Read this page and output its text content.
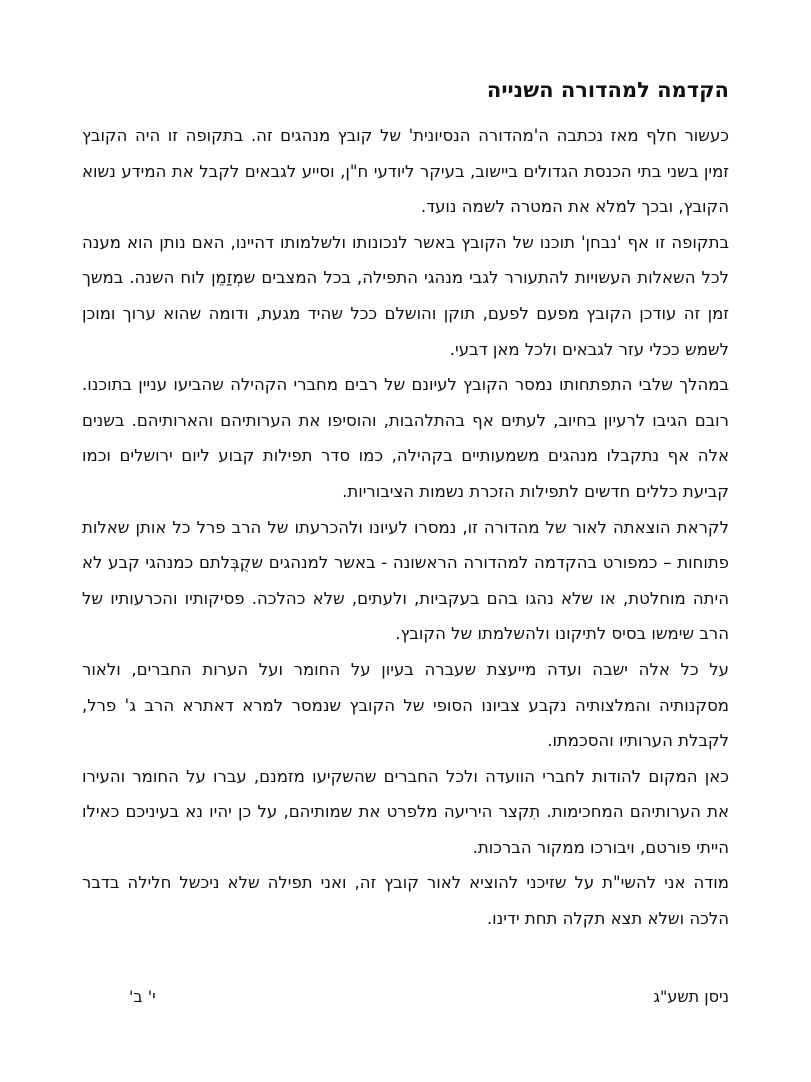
הקדמה למהדורה השנייה

כעשור חלף מאז נכתבה ה'מהדורה הנסיונית' של קובץ מנהגים זה. בתקופה זו היה הקובץ זמין בשני בתי הכנסת הגדולים ביישוב, בעיקר ליודעי ח"ן, וסייע לגבאים לקבל את המידע נשוא הקובץ, ובכך למלא את המטרה לשמה נועד.

בתקופה זו אף 'נבחן' תוכנו של הקובץ באשר לנכונותו ולשלמותו דהיינו, האם נותן הוא מענה לכל השאלות העשויות להתעורר לגבי מנהגי התפילה, בכל המצבים שמְזַמֵן לוח השנה. במשך זמן זה עודכן הקובץ מפעם לפעם, תוקן והושלם ככל שהיד מגעת, ודומה שהוא ערוך ומוכן לשמש ככלי עזר לגבאים ולכל מאן דבעי.

במהלך שלבי התפתחותו נמסר הקובץ לעיונם של רבים מחברי הקהילה שהביעו עניין בתוכנו. רובם הגיבו לרעיון בחיוב, לעתים אף בהתלהבות, והוסיפו את הערותיהם והארותיהם. בשנים אלה אף נתקבלו מנהגים משמעותיים בקהילה, כמו סדר תפילות קבוע ליום ירושלים וכמו קביעת כללים חדשים לתפילות הזכרת נשמות הציבוריות.

לקראת הוצאתה לאור של מהדורה זו, נמסרו לעיונו ולהכרעתו של הרב פרל כל אותן שאלות פתוחות – כמפורט בהקדמה למהדורה הראשונה - באשר למנהגים שקֻבְּלתם כמנהגי קבע לא היתה מוחלטת, או שלא נהגו בהם בעקביות, ולעתים, שלא כהלכה. פסיקותיו והכרעותיו של הרב שימשו בסיס לתיקונו ולהשלמתו של הקובץ.

על כל אלה ישבה ועדה מייעצת שעברה בעיון על החומר ועל הערות החברים, ולאור מסקנותיה והמלצותיה נקבע צביונו הסופי של הקובץ שנמסר למרא דאתרא הרב ג' פרל, לקבלת הערותיו והסכמתו.

כאן המקום להודות לחברי הוועדה ולכל החברים שהשקיעו מזמנם, עברו על החומר והעירו את הערותיהם המחכימות. תִקצר היריעה מלפרט את שמותיהם, על כן יהיו נא בעיניכם כאילו הייתי פורטם, ויבורכו ממקור הברכות.

מודה אני להשי"ת על שזיכני להוציא לאור קובץ זה, ואני תפילה שלא ניכשל חלילה בדבר הלכה ושלא תצא תקלה תחת ידינו.

ניסן תשע"ג
י' ב'
